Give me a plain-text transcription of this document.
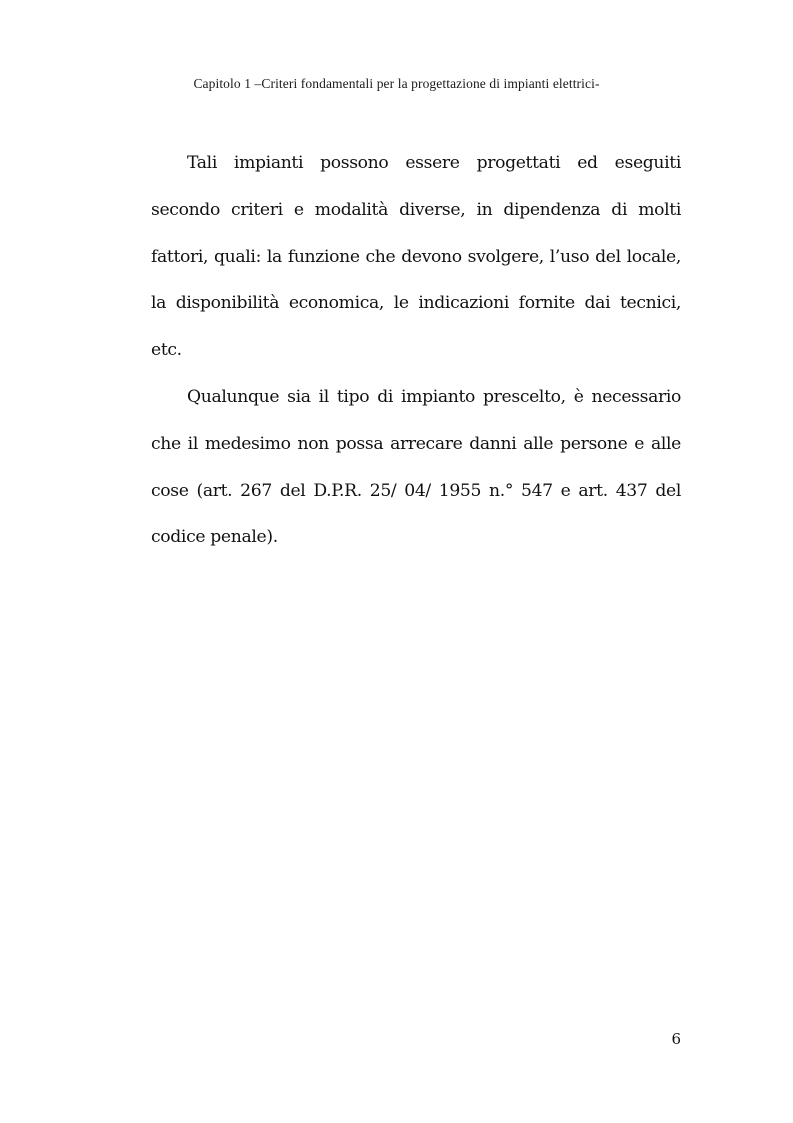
Capitolo 1 –Criteri fondamentali per la progettazione di impianti elettrici-

Tali impianti possono essere progettati ed eseguiti secondo criteri e modalità diverse, in dipendenza di molti fattori, quali: la funzione che devono svolgere, l’uso del locale, la disponibilità economica, le indicazioni fornite dai tecnici, etc.

Qualunque sia il tipo di impianto prescelto, è necessario che il medesimo non possa arrecare danni alle persone e alle cose (art. 267 del D.P.R. 25/ 04/ 1955 n.° 547 e art. 437 del codice penale).

6
